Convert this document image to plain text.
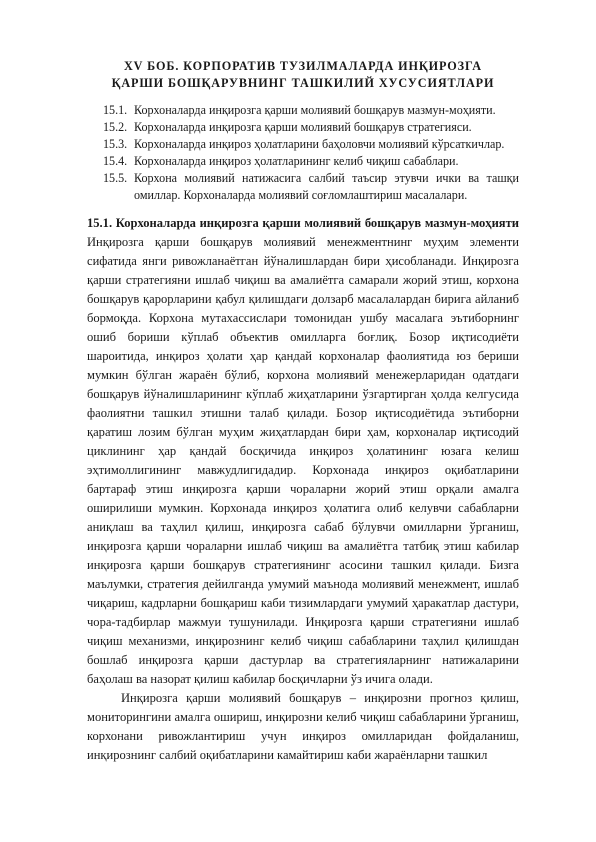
XV БОБ. КОРПОРАТИВ ТУЗИЛМАЛАРДА ИНҚИРОЗГА
ҚАРШИ БОШҚАРУВНИНГ ТАШКИЛИЙ ХУСУСИЯТЛАРИ
15.1. Корхоналарда инқирозга қарши молиявий бошқарув мазмун-моҳияти.
15.2. Корхоналарда инқирозга қарши молиявий бошқарув стратегияси.
15.3. Корхоналарда инқироз ҳолатларини баҳоловчи молиявий кўрсаткичлар.
15.4. Корхоналарда инқироз ҳолатларининг келиб чиқиш сабаблари.
15.5. Корхона молиявий натижасига салбий таъсир этувчи ички ва ташқи омиллар. Корхоналарда молиявий соғломлаштириш масалалари.

15.1. Корхоналарда инқирозга қарши молиявий бошқарув мазмун-моҳияти Инқирозга қарши бошқарув молиявий менежментнинг муҳим элементи сифатида янги ривожланаётган йўналишлардан бири ҳисобланади. Инқирозга қарши стратегияни ишлаб чиқиш ва амалиётга самарали жорий этиш, корхона бошқарув қарорларини қабул қилишдаги долзарб масалалардан бирига айланиб бормоқда. Корхона мутахассислари томонидан ушбу масалага эътиборнинг ошиб бориши кўплаб объектив омилларга боғлиқ. Бозор иқтисодиёти шароитида, инқироз ҳолати ҳар қандай корхоналар фаолиятида юз бериши мумкин бўлган жараён бўлиб, корхона молиявий менежерларидан одатдаги бошқарув йўналишларининг кўплаб жиҳатларини ўзгартирган ҳолда келгусида фаолиятни ташкил этишни талаб қилади. Бозор иқтисодиётида эътиборни қаратиш лозим бўлган муҳим жиҳатлардан бири ҳам, корхоналар иқтисодий циклининг ҳар қандай босқичида инқироз ҳолатининг юзага келиш эҳтимоллигининг мавжудлигидадир. Корхонада инқироз оқибатларини бартараф этиш инқирозга қарши чораларни жорий этиш орқали амалга оширилиши мумкин. Корхонада инқироз ҳолатига олиб келувчи сабабларни аниқлаш ва таҳлил қилиш, инқирозга сабаб бўлувчи омилларни ўрганиш, инқирозга қарши чораларни ишлаб чиқиш ва амалиётга татбиқ этиш кабилар инқирозга қарши бошқарув стратегиянинг асосини ташкил қилади. Бизга маълумки, стратегия дейилганда умумий маънода молиявий менежмент, ишлаб чиқариш, кадрларни бошқариш каби тизимлардаги умумий ҳаракатлар дастури, чора-тадбирлар мажмуи тушунилади. Инқирозга қарши стратегияни ишлаб чиқиш механизми, инқирознинг келиб чиқиш сабабларини таҳлил қилишдан бошлаб инқирозга қарши дастурлар ва стратегияларнинг натижаларини баҳолаш ва назорат қилиш кабилар босқичларни ўз ичига олади.

Инқирозга қарши молиявий бошқарув – инқирозни прогноз қилиш, мониторингини амалга ошириш, инқирозни келиб чиқиш сабабларини ўрганиш, корхонани ривожлантириш учун инқироз омилларидан фойдаланиш, инқирознинг салбий оқибатларини камайтириш каби жараёнларни ташкил
